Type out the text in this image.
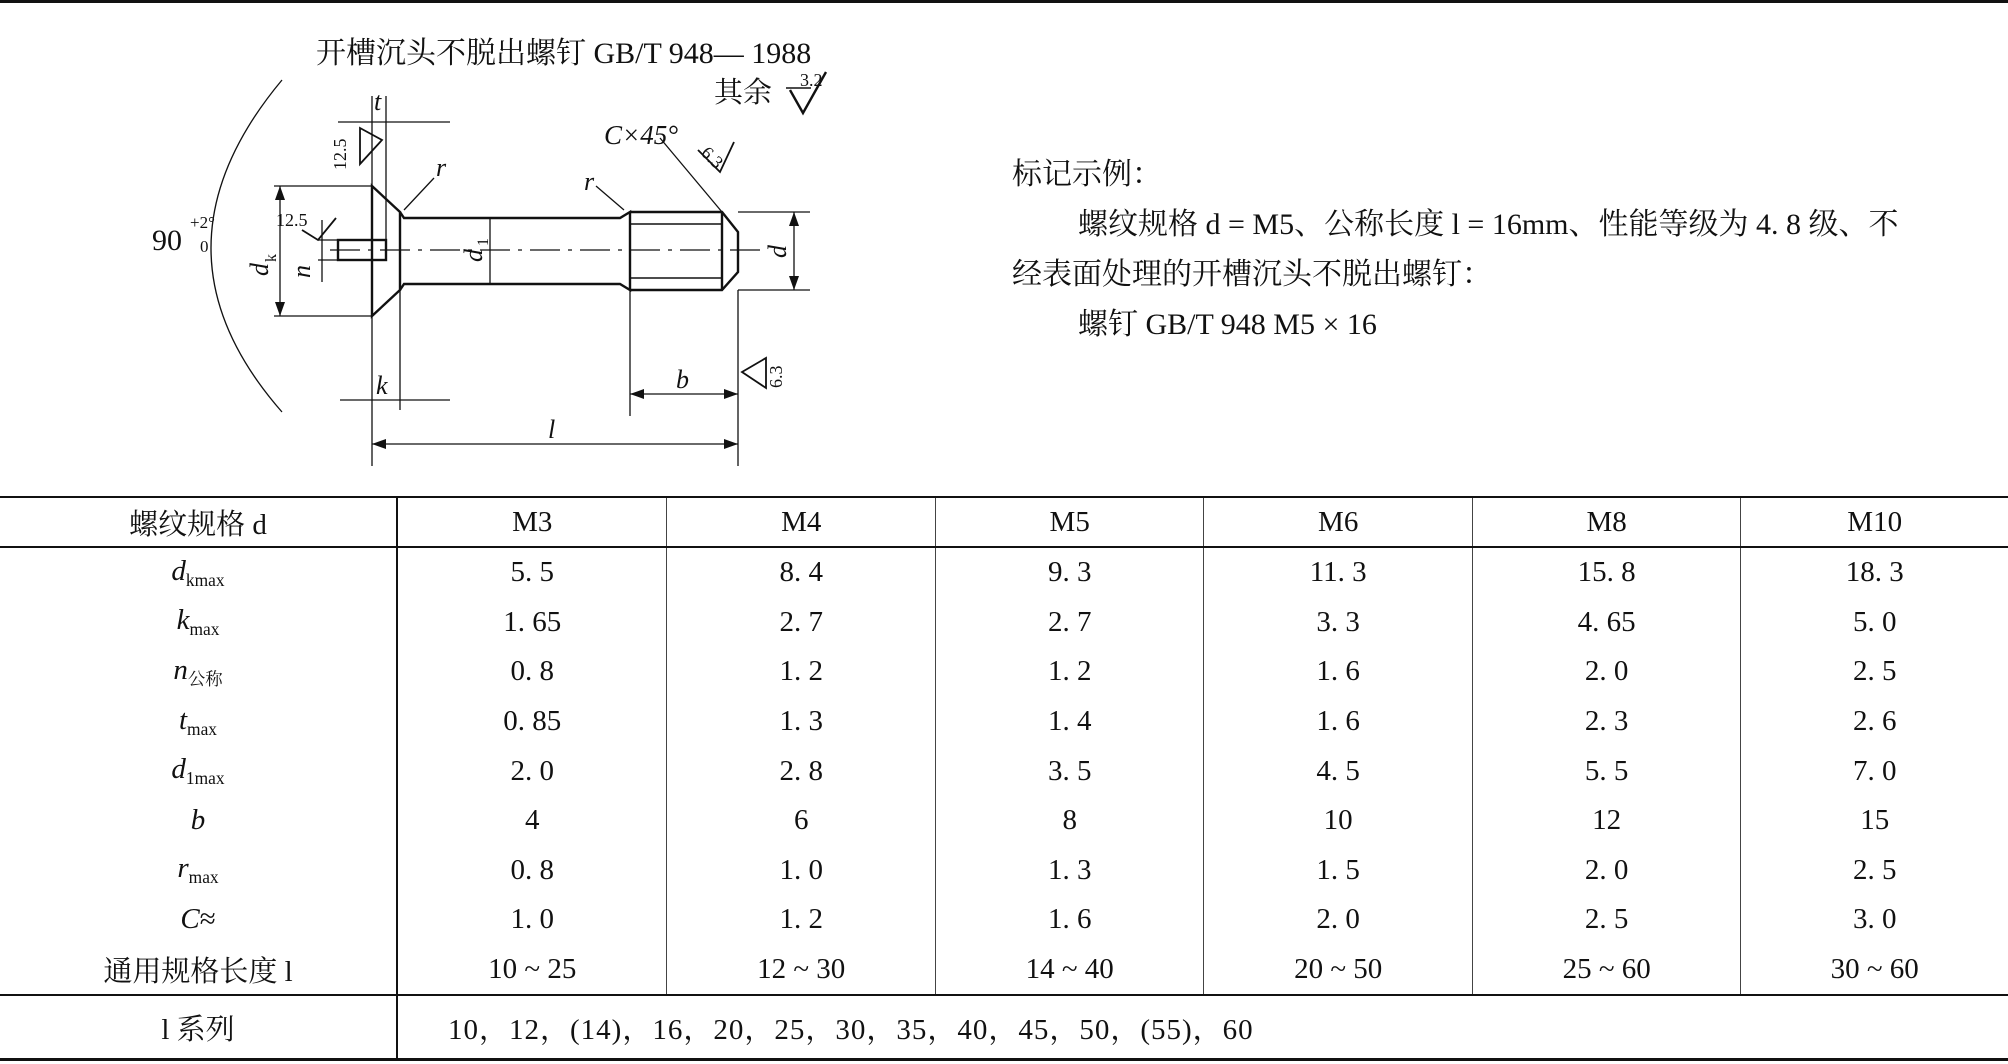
开槽沉头不脱出螺钉 GB/T 948— 1988
3.2
其余
C×45°
6.3
12.5
12.5
6.3
90
+2°
0
t
r	r
d
k
n
d
1
d
k	b
l
标记示例：
螺纹规格 d = M5、公称长度 l = 16mm、性能等级为 4. 8 级、不
经表面处理的开槽沉头不脱出螺钉：
螺钉 GB/T 948 M5 × 16
螺纹规格 d	M3	M4	M5	M6	M8	M10
$d_{kmax}$	5. 5	8. 4	9. 3	11. 3	15. 8	18. 3
$k_{max}$	1. 65	2. 7	2. 7	3. 3	4. 65	5. 0
$n_{公称}$	0. 8	1. 2	1. 2	1. 6	2. 0	2. 5
$t_{max}$	0. 85	1. 3	1. 4	1. 6	2. 3	2. 6
$d_{1max}$	2. 0	2. 8	3. 5	4. 5	5. 5	7. 0
b	4	6	8	10	12	15
$r_{max}$	0. 8	1. 0	1. 3	1. 5	2. 0	2. 5
C≈	1. 0	1. 2	1. 6	2. 0	2. 5	3. 0
通用规格长度 l	10 ~ 25	12 ~ 30	14 ~ 40	20 ~ 50	25 ~ 60	30 ~ 60
l 系列	10，12，(14)，16，20，25，30，35，40，45，50，(55)，60					
